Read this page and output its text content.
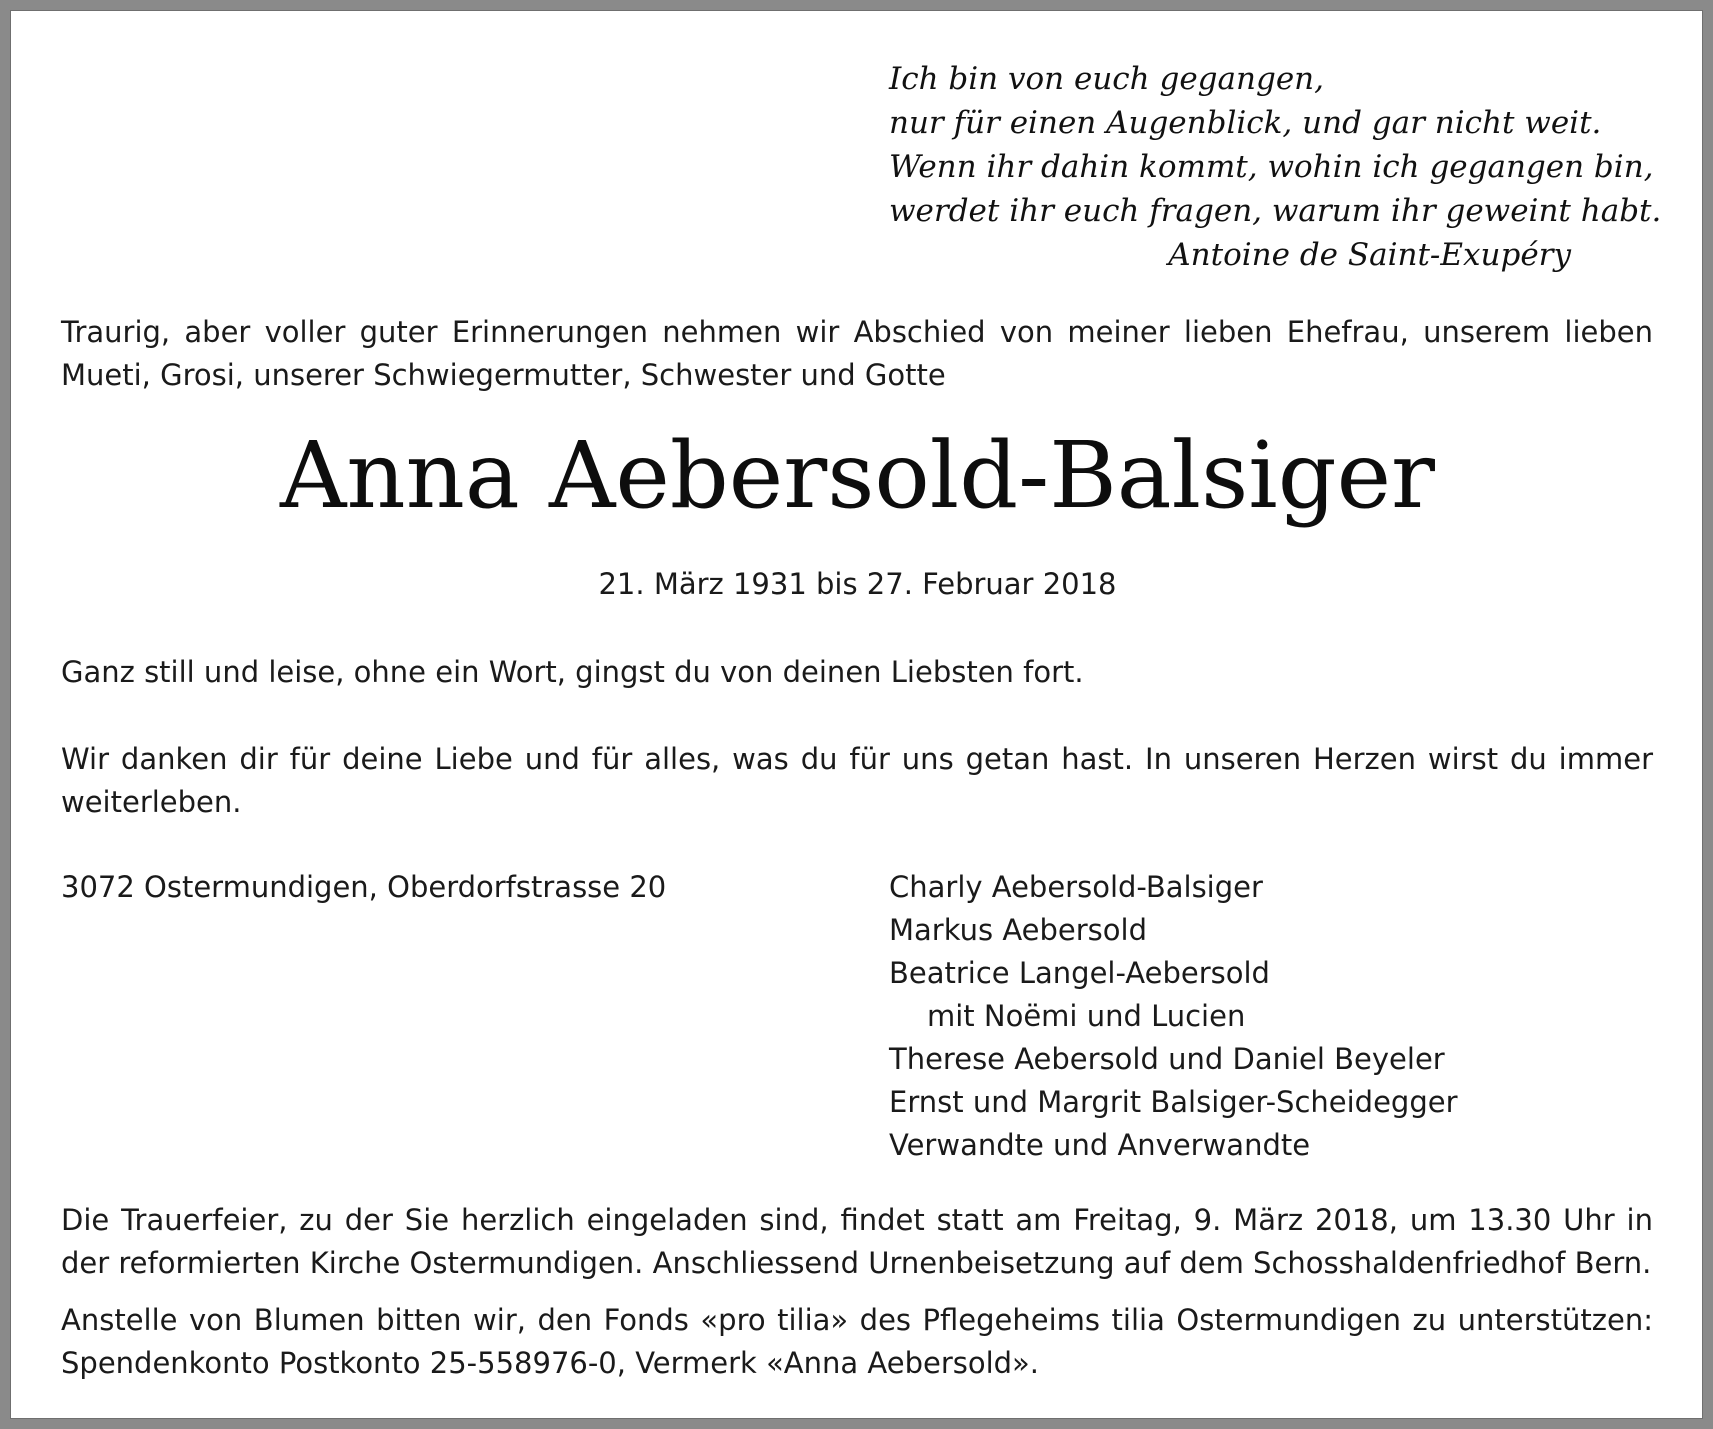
Ich bin von euch gegangen,
nur für einen Augenblick, und gar nicht weit.
Wenn ihr dahin kommt, wohin ich gegangen bin,
werdet ihr euch fragen, warum ihr geweint habt.
Antoine de Saint-Exupéry
Traurig, aber voller guter Erinnerungen nehmen wir Abschied von meiner lieben Ehefrau, unserem lieben Mueti, Grosi, unserer Schwiegermutter, Schwester und Gotte
Anna Aebersold-Balsiger
21. März 1931 bis 27. Februar 2018
Ganz still und leise, ohne ein Wort, gingst du von deinen Liebsten fort.
Wir danken dir für deine Liebe und für alles, was du für uns getan hast. In unseren Herzen wirst du immer weiterleben.
3072 Ostermundigen, Oberdorfstrasse 20	Charly Aebersold-Balsiger
Markus Aebersold
Beatrice Langel-Aebersold
mit Noëmi und Lucien
Therese Aebersold und Daniel Beyeler
Ernst und Margrit Balsiger-Scheidegger
Verwandte und Anverwandte
Die Trauerfeier, zu der Sie herzlich eingeladen sind, findet statt am Freitag, 9. März 2018, um 13.30 Uhr in der reformierten Kirche Ostermundigen. Anschliessend Urnenbeisetzung auf dem Schosshaldenfriedhof Bern.
Anstelle von Blumen bitten wir, den Fonds «pro tilia» des Pflegeheims tilia Ostermundigen zu unterstützen: Spendenkonto Postkonto 25-558976-0, Vermerk «Anna Aebersold».
